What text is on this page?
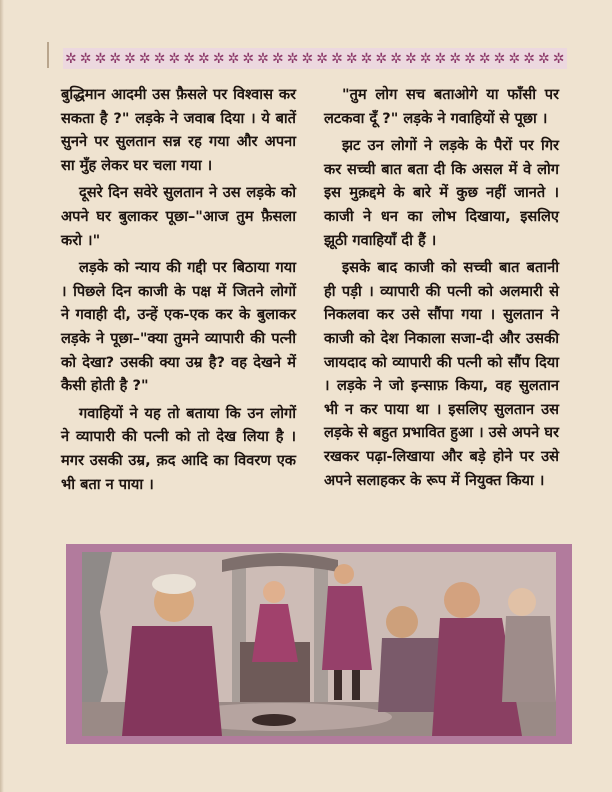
✲ ✲ ✲ ✲ ✲ ✲ ✲ ✲ ✲ ✲ ✲ ✲ ✲ ✲ ✲ ✲ ✲ ✲ ✲ ✲ ✲ ✲ ✲ ✲ ✲ ✲ ✲ ✲ ✲ ✲ ✲ ✲ ✲ ✲

बुद्धिमान आदमी उस फ़ैसले पर विश्वास कर सकता है ?" लड़के ने जवाब दिया । ये बातें सुनने पर सुलतान सन्न रह गया और अपना सा मुँह लेकर घर चला गया ।

दूसरे दिन सवेरे सुलतान ने उस लड़के को अपने घर बुलाकर पूछा–"आज तुम फ़ैसला करो ।"

लड़के को न्याय की गद्दी पर बिठाया गया । पिछले दिन काजी के पक्ष में जितने लोगों ने गवाही दी, उन्हें एक-एक कर के बुलाकर लड़के ने पूछा–"क्या तुमने व्यापारी की पत्नी को देखा? उसकी क्या उम्र है? वह देखने में कैसी होती है ?"

गवाहियों ने यह तो बताया कि उन लोगों ने व्यापारी की पत्नी को तो देख लिया है । मगर उसकी उम्र, क़द आदि का विवरण एक भी बता न पाया ।

"तुम लोग सच बताओगे या फाँसी पर लटकवा दूँ ?" लड़के ने गवाहियों से पूछा ।

झट उन लोगों ने लड़के के पैरों पर गिर कर सच्ची बात बता दी कि असल में वे लोग इस मुक़द्दमे के बारे में कुछ नहीं जानते । काजी ने धन का लोभ दिखाया, इसलिए झूठी गवाहियाँ दी हैं ।

इसके बाद काजी को सच्ची बात बतानी ही पड़ी । व्यापारी की पत्नी को अलमारी से निकलवा कर उसे सौंपा गया । सुलतान ने काजी को देश निकाला सजा-दी और उसकी जायदाद को व्यापारी की पत्नी को सौंप दिया । लड़के ने जो इन्साफ़ किया, वह सुलतान भी न कर पाया था । इसलिए सुलतान उस लड़के से बहुत प्रभावित हुआ । उसे अपने घर रखकर पढ़ा-लिखाया और बड़े होने पर उसे अपने सलाहकर के रूप में नियुक्त किया ।
